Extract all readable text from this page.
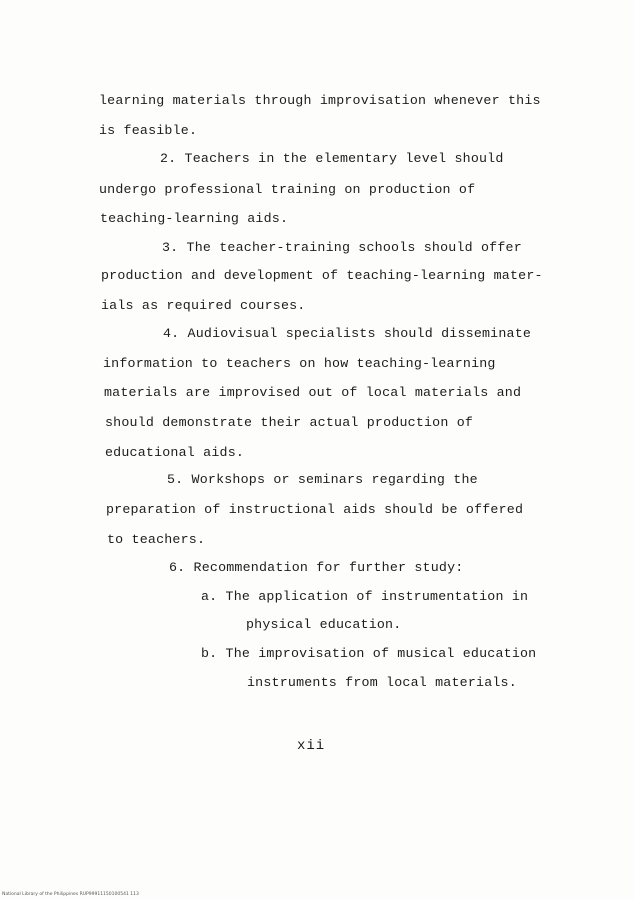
learning materials through improvisation whenever this
is feasible.
2. Teachers in the elementary level should
undergo professional training on production of
teaching-learning aids.
3. The teacher-training schools should offer
production and development of teaching-learning mater-
ials as required courses.
4. Audiovisual specialists should disseminate
information to teachers on how teaching-learning
materials are improvised out of local materials and
should demonstrate their actual production of
educational aids.
5. Workshops or seminars regarding the
preparation of instructional aids should be offered
to teachers.
6. Recommendation for further study:
a. The application of instrumentation in
physical education.
b. The improvisation of musical education
instruments from local materials.
xii
National Library of the Philippines RUP99911150100541 113
